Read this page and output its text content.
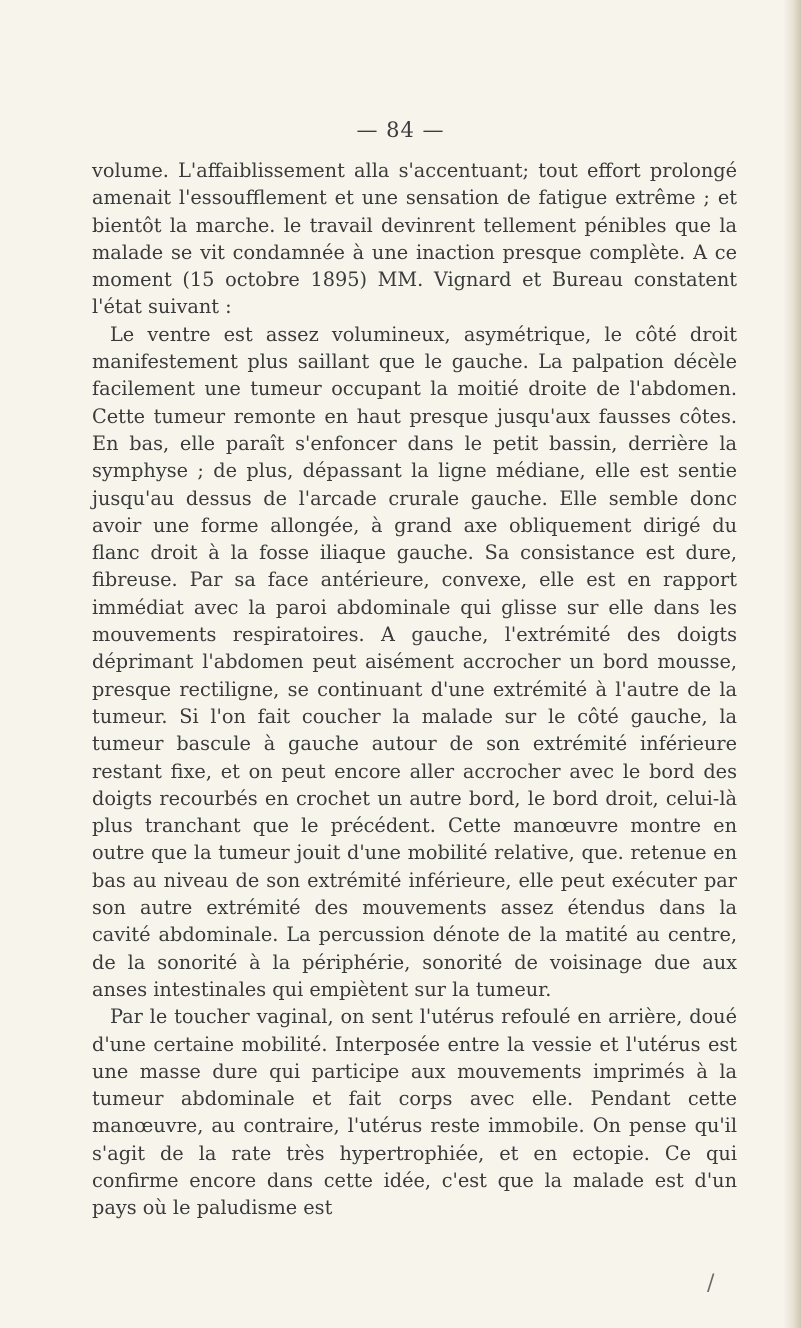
— 84 —

volume. L'affaiblissement alla s'accentuant; tout effort prolongé amenait l'essoufflement et une sensation de fatigue extrême ; et bientôt la marche. le travail devinrent tellement pénibles que la malade se vit condamnée à une inaction presque complète. A ce moment (15 octobre 1895) MM. Vignard et Bureau constatent l'état suivant :

Le ventre est assez volumineux, asymétrique, le côté droit manifestement plus saillant que le gauche. La palpation décèle facilement une tumeur occupant la moitié droite de l'abdomen. Cette tumeur remonte en haut presque jusqu'aux fausses côtes. En bas, elle paraît s'enfoncer dans le petit bassin, derrière la symphyse ; de plus, dépassant la ligne médiane, elle est sentie jusqu'au dessus de l'arcade crurale gauche. Elle semble donc avoir une forme allongée, à grand axe obliquement dirigé du flanc droit à la fosse iliaque gauche. Sa consistance est dure, fibreuse. Par sa face antérieure, convexe, elle est en rapport immédiat avec la paroi abdominale qui glisse sur elle dans les mouvements respiratoires. A gauche, l'extrémité des doigts déprimant l'abdomen peut aisément accrocher un bord mousse, presque rectiligne, se continuant d'une extrémité à l'autre de la tumeur. Si l'on fait coucher la malade sur le côté gauche, la tumeur bascule à gauche autour de son extrémité inférieure restant fixe, et on peut encore aller accrocher avec le bord des doigts recourbés en crochet un autre bord, le bord droit, celui-là plus tranchant que le précédent. Cette manœuvre montre en outre que la tumeur jouit d'une mobilité relative, que. retenue en bas au niveau de son extrémité inférieure, elle peut exécuter par son autre extrémité des mouvements assez étendus dans la cavité abdominale. La percussion dénote de la matité au centre, de la sonorité à la périphérie, sonorité de voisinage due aux anses intestinales qui empiètent sur la tumeur.

Par le toucher vaginal, on sent l'utérus refoulé en arrière, doué d'une certaine mobilité. Interposée entre la vessie et l'utérus est une masse dure qui participe aux mouvements imprimés à la tumeur abdominale et fait corps avec elle. Pendant cette manœuvre, au contraire, l'utérus reste immobile. On pense qu'il s'agit de la rate très hypertrophiée, et en ectopie. Ce qui confirme encore dans cette idée, c'est que la malade est d'un pays où le paludisme est

/
